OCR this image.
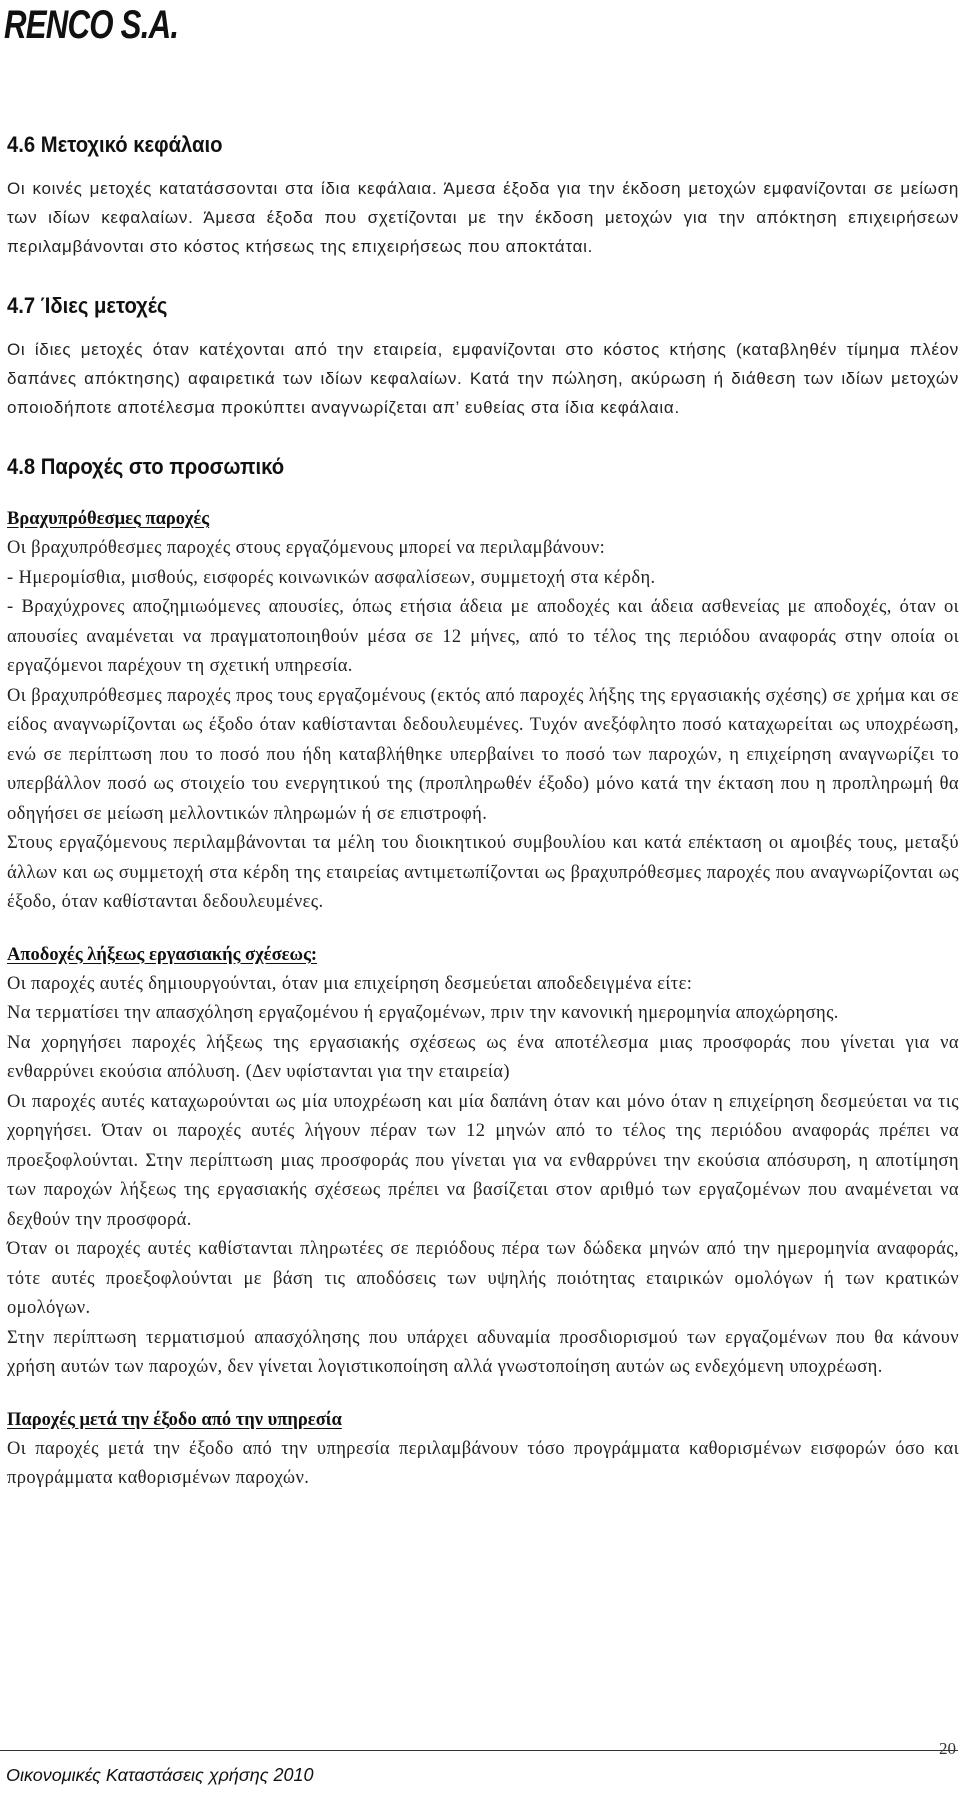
RENCO S.A.
4.6 Μετοχικό κεφάλαιο

Οι κοινές μετοχές κατατάσσονται στα ίδια κεφάλαια. Άμεσα έξοδα για την έκδοση μετοχών εμφανίζονται σε μείωση των ιδίων κεφαλαίων. Άμεσα έξοδα που σχετίζονται με την έκδοση μετοχών για την απόκτηση επιχειρήσεων περιλαμβάνονται στο κόστος κτήσεως της επιχειρήσεως που αποκτάται.

4.7 Ίδιες μετοχές

Οι ίδιες μετοχές όταν κατέχονται από την εταιρεία, εμφανίζονται στο κόστος κτήσης (καταβληθέν τίμημα πλέον δαπάνες απόκτησης) αφαιρετικά των ιδίων κεφαλαίων. Κατά την πώληση, ακύρωση ή διάθεση των ιδίων μετοχών οποιοδήποτε αποτέλεσμα προκύπτει αναγνωρίζεται απ’ ευθείας στα ίδια κεφάλαια.

4.8 Παροχές στο προσωπικό
Βραχυπρόθεσμες παροχές

Οι βραχυπρόθεσμες παροχές στους εργαζόμενους μπορεί να περιλαμβάνουν:

- Ημερομίσθια, μισθούς, εισφορές κοινωνικών ασφαλίσεων, συμμετοχή στα κέρδη.

- Βραχύχρονες αποζημιωόμενες απουσίες, όπως ετήσια άδεια με αποδοχές και άδεια ασθενείας με αποδοχές, όταν οι απουσίες αναμένεται να πραγματοποιηθούν μέσα σε 12 μήνες, από το τέλος της περιόδου αναφοράς στην οποία οι εργαζόμενοι παρέχουν τη σχετική υπηρεσία.

Οι βραχυπρόθεσμες παροχές προς τους εργαζομένους (εκτός από παροχές λήξης της εργασιακής σχέσης) σε χρήμα και σε είδος αναγνωρίζονται ως έξοδο όταν καθίστανται δεδουλευμένες. Τυχόν ανεξόφλητο ποσό καταχωρείται ως υποχρέωση, ενώ σε περίπτωση που το ποσό που ήδη καταβλήθηκε υπερβαίνει το ποσό των παροχών, η επιχείρηση αναγνωρίζει το υπερβάλλον ποσό ως στοιχείο του ενεργητικού της (προπληρωθέν έξοδο) μόνο κατά την έκταση που η προπληρωμή θα οδηγήσει σε μείωση μελλοντικών πληρωμών ή σε επιστροφή.

Στους εργαζόμενους περιλαμβάνονται τα μέλη του διοικητικού συμβουλίου και κατά επέκταση οι αμοιβές τους, μεταξύ άλλων και ως συμμετοχή στα κέρδη της εταιρείας αντιμετωπίζονται ως βραχυπρόθεσμες παροχές που αναγνωρίζονται ως έξοδο, όταν καθίστανται δεδουλευμένες.

Αποδοχές λήξεως εργασιακής σχέσεως:

Οι παροχές αυτές δημιουργούνται, όταν μια επιχείρηση δεσμεύεται αποδεδειγμένα είτε:

Να τερματίσει την απασχόληση εργαζομένου ή εργαζομένων, πριν την κανονική ημερομηνία αποχώρησης.

Να χορηγήσει παροχές λήξεως της εργασιακής σχέσεως ως ένα αποτέλεσμα μιας προσφοράς που γίνεται για να ενθαρρύνει εκούσια απόλυση. (Δεν υφίστανται για την εταιρεία)

Οι παροχές αυτές καταχωρούνται ως μία υποχρέωση και μία δαπάνη όταν και μόνο όταν η επιχείρηση δεσμεύεται να τις χορηγήσει. Όταν οι παροχές αυτές λήγουν πέραν των 12 μηνών από το τέλος της περιόδου αναφοράς πρέπει να προεξοφλούνται. Στην περίπτωση μιας προσφοράς που γίνεται για να ενθαρρύνει την εκούσια απόσυρση, η αποτίμηση των παροχών λήξεως της εργασιακής σχέσεως πρέπει να βασίζεται στον αριθμό των εργαζομένων που αναμένεται να δεχθούν την προσφορά.

Όταν οι παροχές αυτές καθίστανται πληρωτέες σε περιόδους πέρα των δώδεκα μηνών από την ημερομηνία αναφοράς, τότε αυτές προεξοφλούνται με βάση τις αποδόσεις των υψηλής ποιότητας εταιρικών ομολόγων ή των κρατικών ομολόγων.

Στην περίπτωση τερματισμού απασχόλησης που υπάρχει αδυναμία προσδιορισμού των εργαζομένων που θα κάνουν χρήση αυτών των παροχών, δεν γίνεται λογιστικοποίηση αλλά γνωστοποίηση αυτών ως ενδεχόμενη υποχρέωση.

Παροχές μετά την έξοδο από την υπηρεσία

Οι παροχές μετά την έξοδο από την υπηρεσία περιλαμβάνουν τόσο προγράμματα καθορισμένων εισφορών όσο και προγράμματα καθορισμένων παροχών.

Οικονομικές Καταστάσεις χρήσης 2010
20
